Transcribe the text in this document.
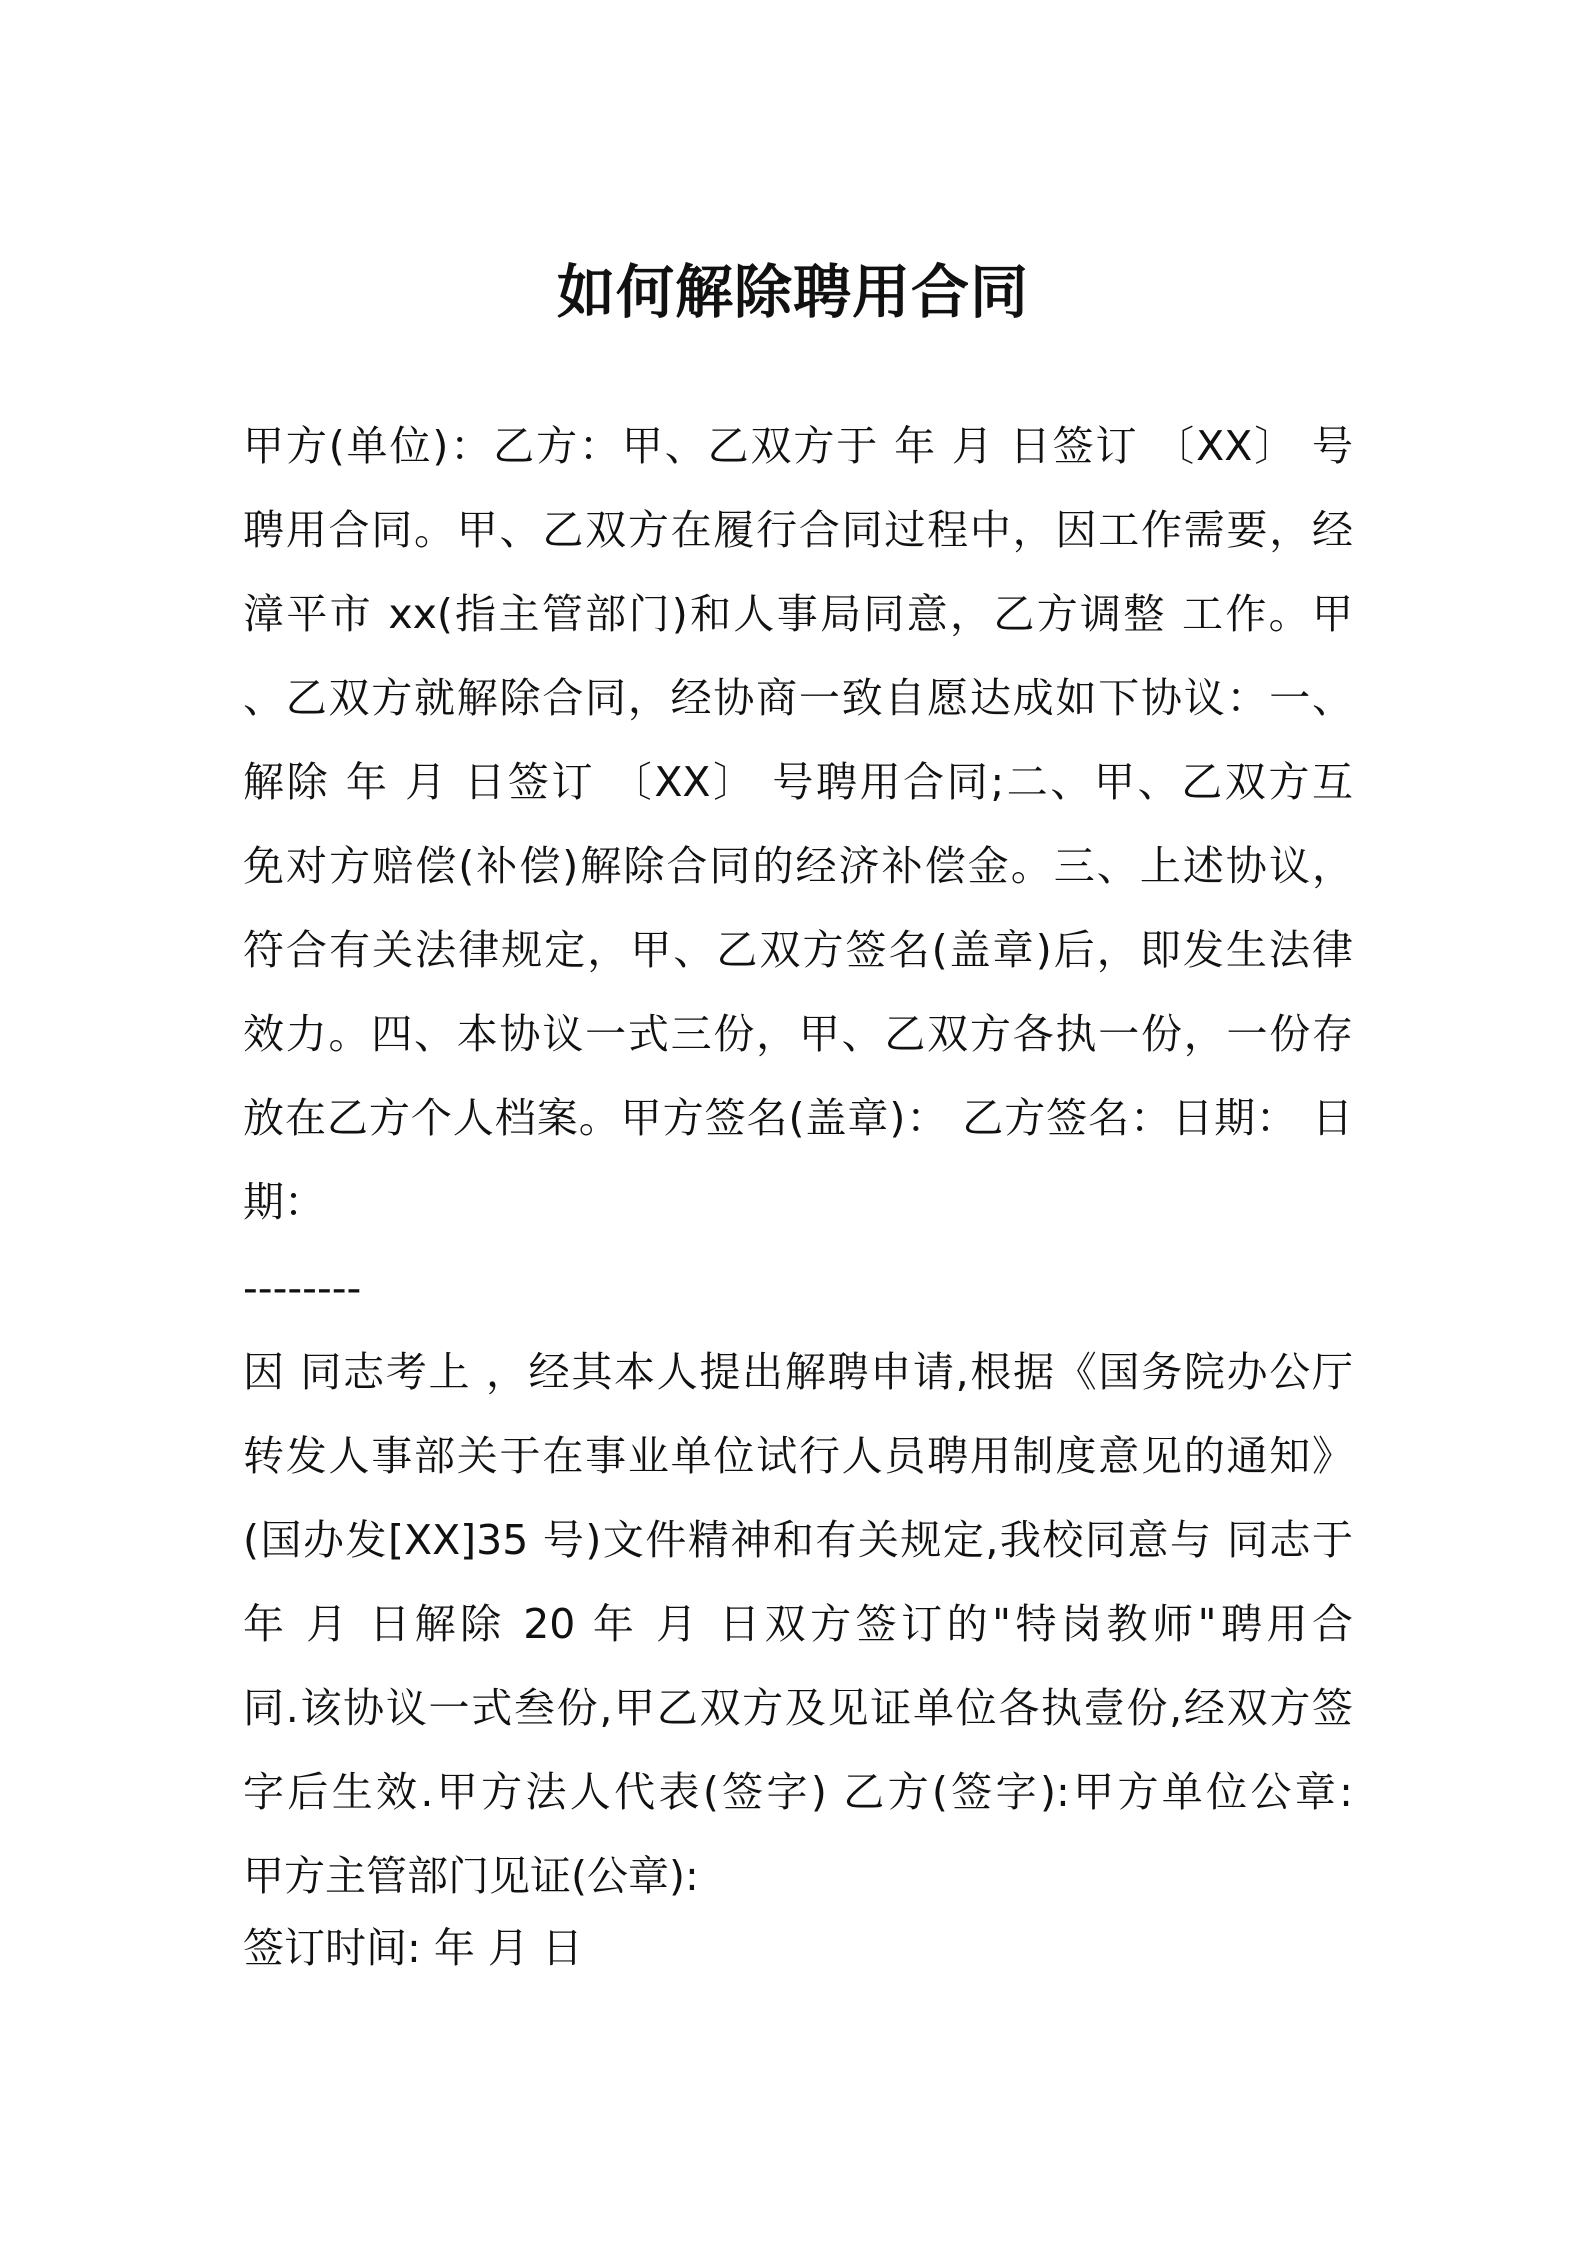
如何解除聘用合同
甲方(单位)：乙方：甲、乙双方于 年 月 日签订 〔XX〕 号
聘用合同。甲、乙双方在履行合同过程中，因工作需要，经
漳平市 xx(指主管部门)和人事局同意，乙方调整 工作。甲
、乙双方就解除合同，经协商一致自愿达成如下协议：一、
解除 年 月 日签订 〔XX〕 号聘用合同;二、甲、乙双方互
免对方赔偿(补偿)解除合同的经济补偿金。三、上述协议，
符合有关法律规定，甲、乙双方签名(盖章)后，即发生法律
效力。四、本协议一式三份，甲、乙双方各执一份，一份存
放在乙方个人档案。甲方签名(盖章)： 乙方签名：日期： 日
期：
--------
因 同志考上 ，经其本人提出解聘申请,根据《国务院办公厅
转发人事部关于在事业单位试行人员聘用制度意见的通知》
(国办发[XX]35 号)文件精神和有关规定,我校同意与 同志于
年 月 日解除 20 年 月 日双方签订的"特岗教师"聘用合
同.该协议一式叁份,甲乙双方及见证单位各执壹份,经双方签
字后生效.甲方法人代表(签字) 乙方(签字):甲方单位公章:
甲方主管部门见证(公章):
签订时间: 年 月 日
